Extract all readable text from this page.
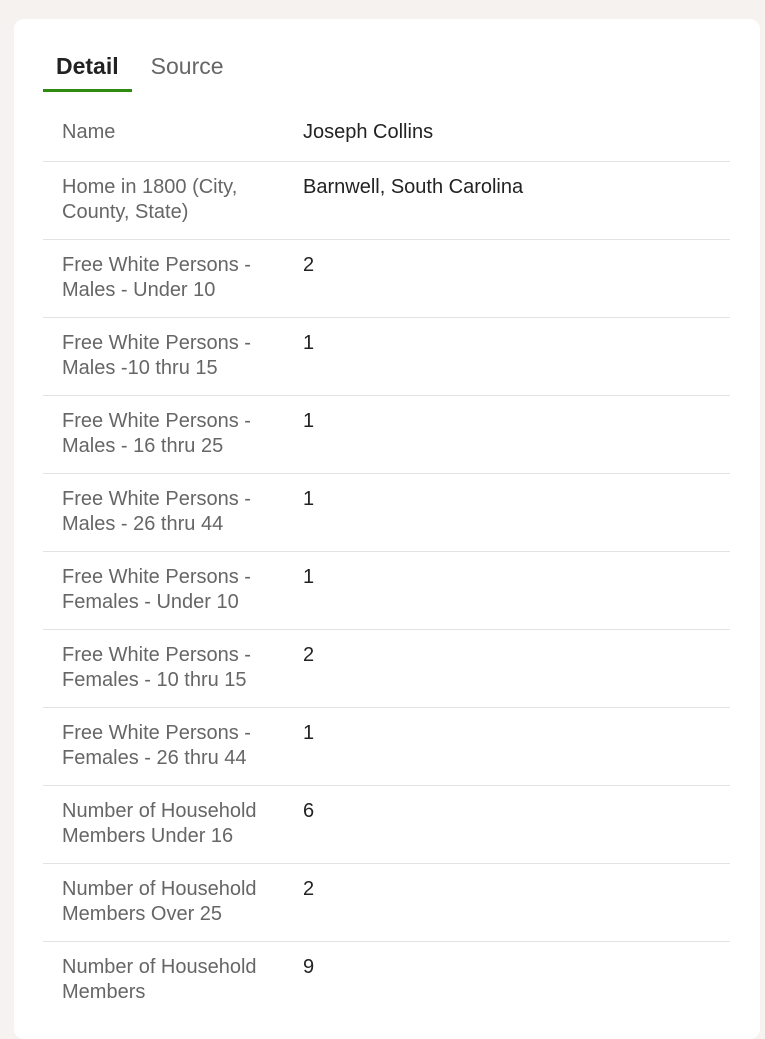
Detail	Source
Name	Joseph Collins
Home in 1800 (City, County, State)
Barnwell, South Carolina
Free White Persons - Males - Under 10
2
Free White Persons - Males -10 thru 15
1
Free White Persons - Males - 16 thru 25
1
Free White Persons - Males - 26 thru 44
1
Free White Persons - Females - Under 10
1
Free White Persons - Females - 10 thru 15
2
Free White Persons - Females - 26 thru 44
1
Number of Household Members Under 16
6
Number of Household Members Over 25
2
Number of Household Members
9
